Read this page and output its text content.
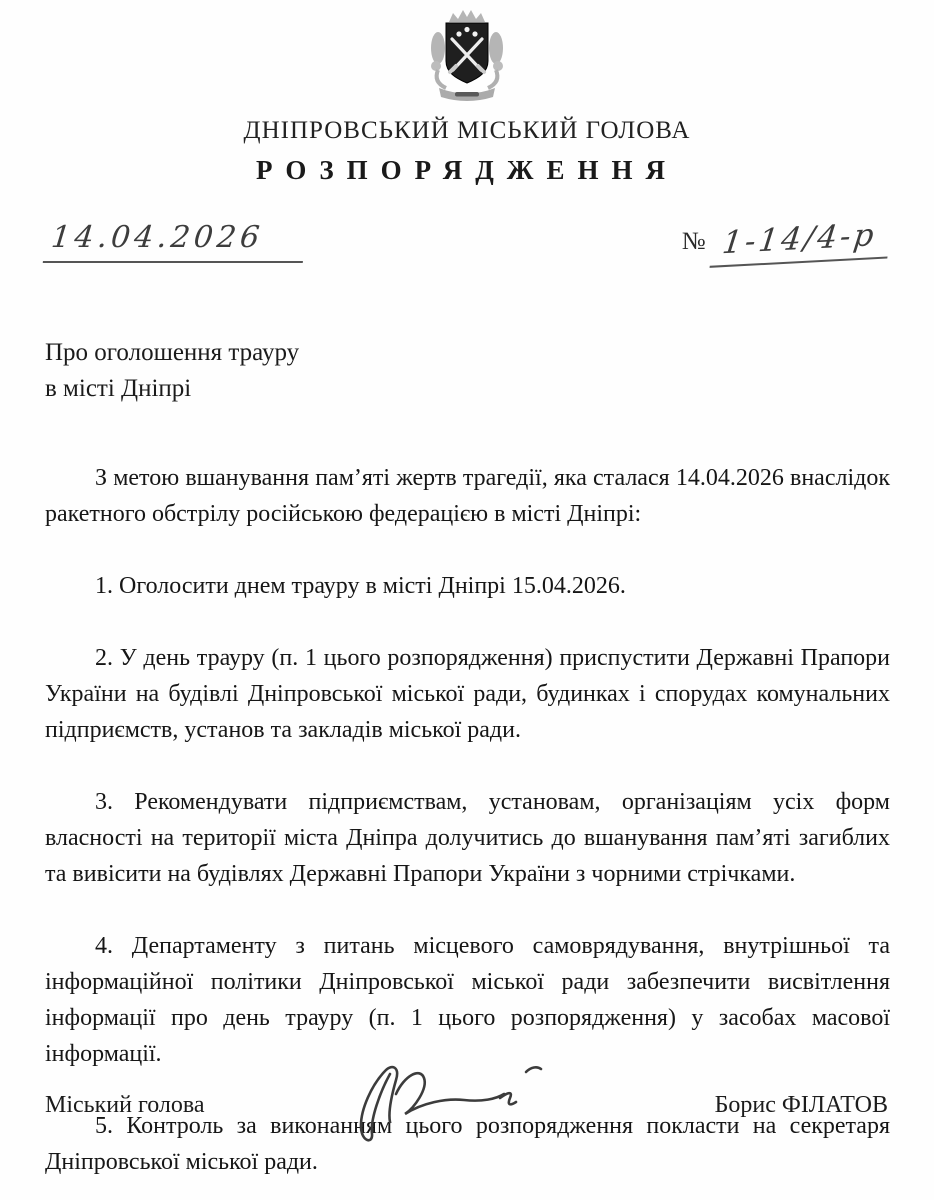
ДНІПРОВСЬКИЙ МІСЬКИЙ ГОЛОВА
РОЗПОРЯДЖЕННЯ
14.04.2026	№ 1-14/4-р
Про оголошення трауру
в місті Дніпрі

З метою вшанування пам’яті жертв трагедії, яка сталася 14.04.2026 внаслідок ракетного обстрілу російською федерацією в місті Дніпрі:

1. Оголосити днем трауру в місті Дніпрі 15.04.2026.

2. У день трауру (п. 1 цього розпорядження) приспустити Державні Прапори України на будівлі Дніпровської міської ради, будинках і спорудах комунальних підприємств, установ та закладів міської ради.

3. Рекомендувати підприємствам, установам, організаціям усіх форм власності на території міста Дніпра долучитись до вшанування пам’яті загиблих та вивісити на будівлях Державні Прапори України з чорними стрічками.

4. Департаменту з питань місцевого самоврядування, внутрішньої та інформаційної політики Дніпровської міської ради забезпечити висвітлення інформації про день трауру (п. 1 цього розпорядження) у засобах масової інформації.

5. Контроль за виконанням цього розпорядження покласти на секретаря Дніпровської міської ради.

Міський голова	Борис ФІЛАТОВ
